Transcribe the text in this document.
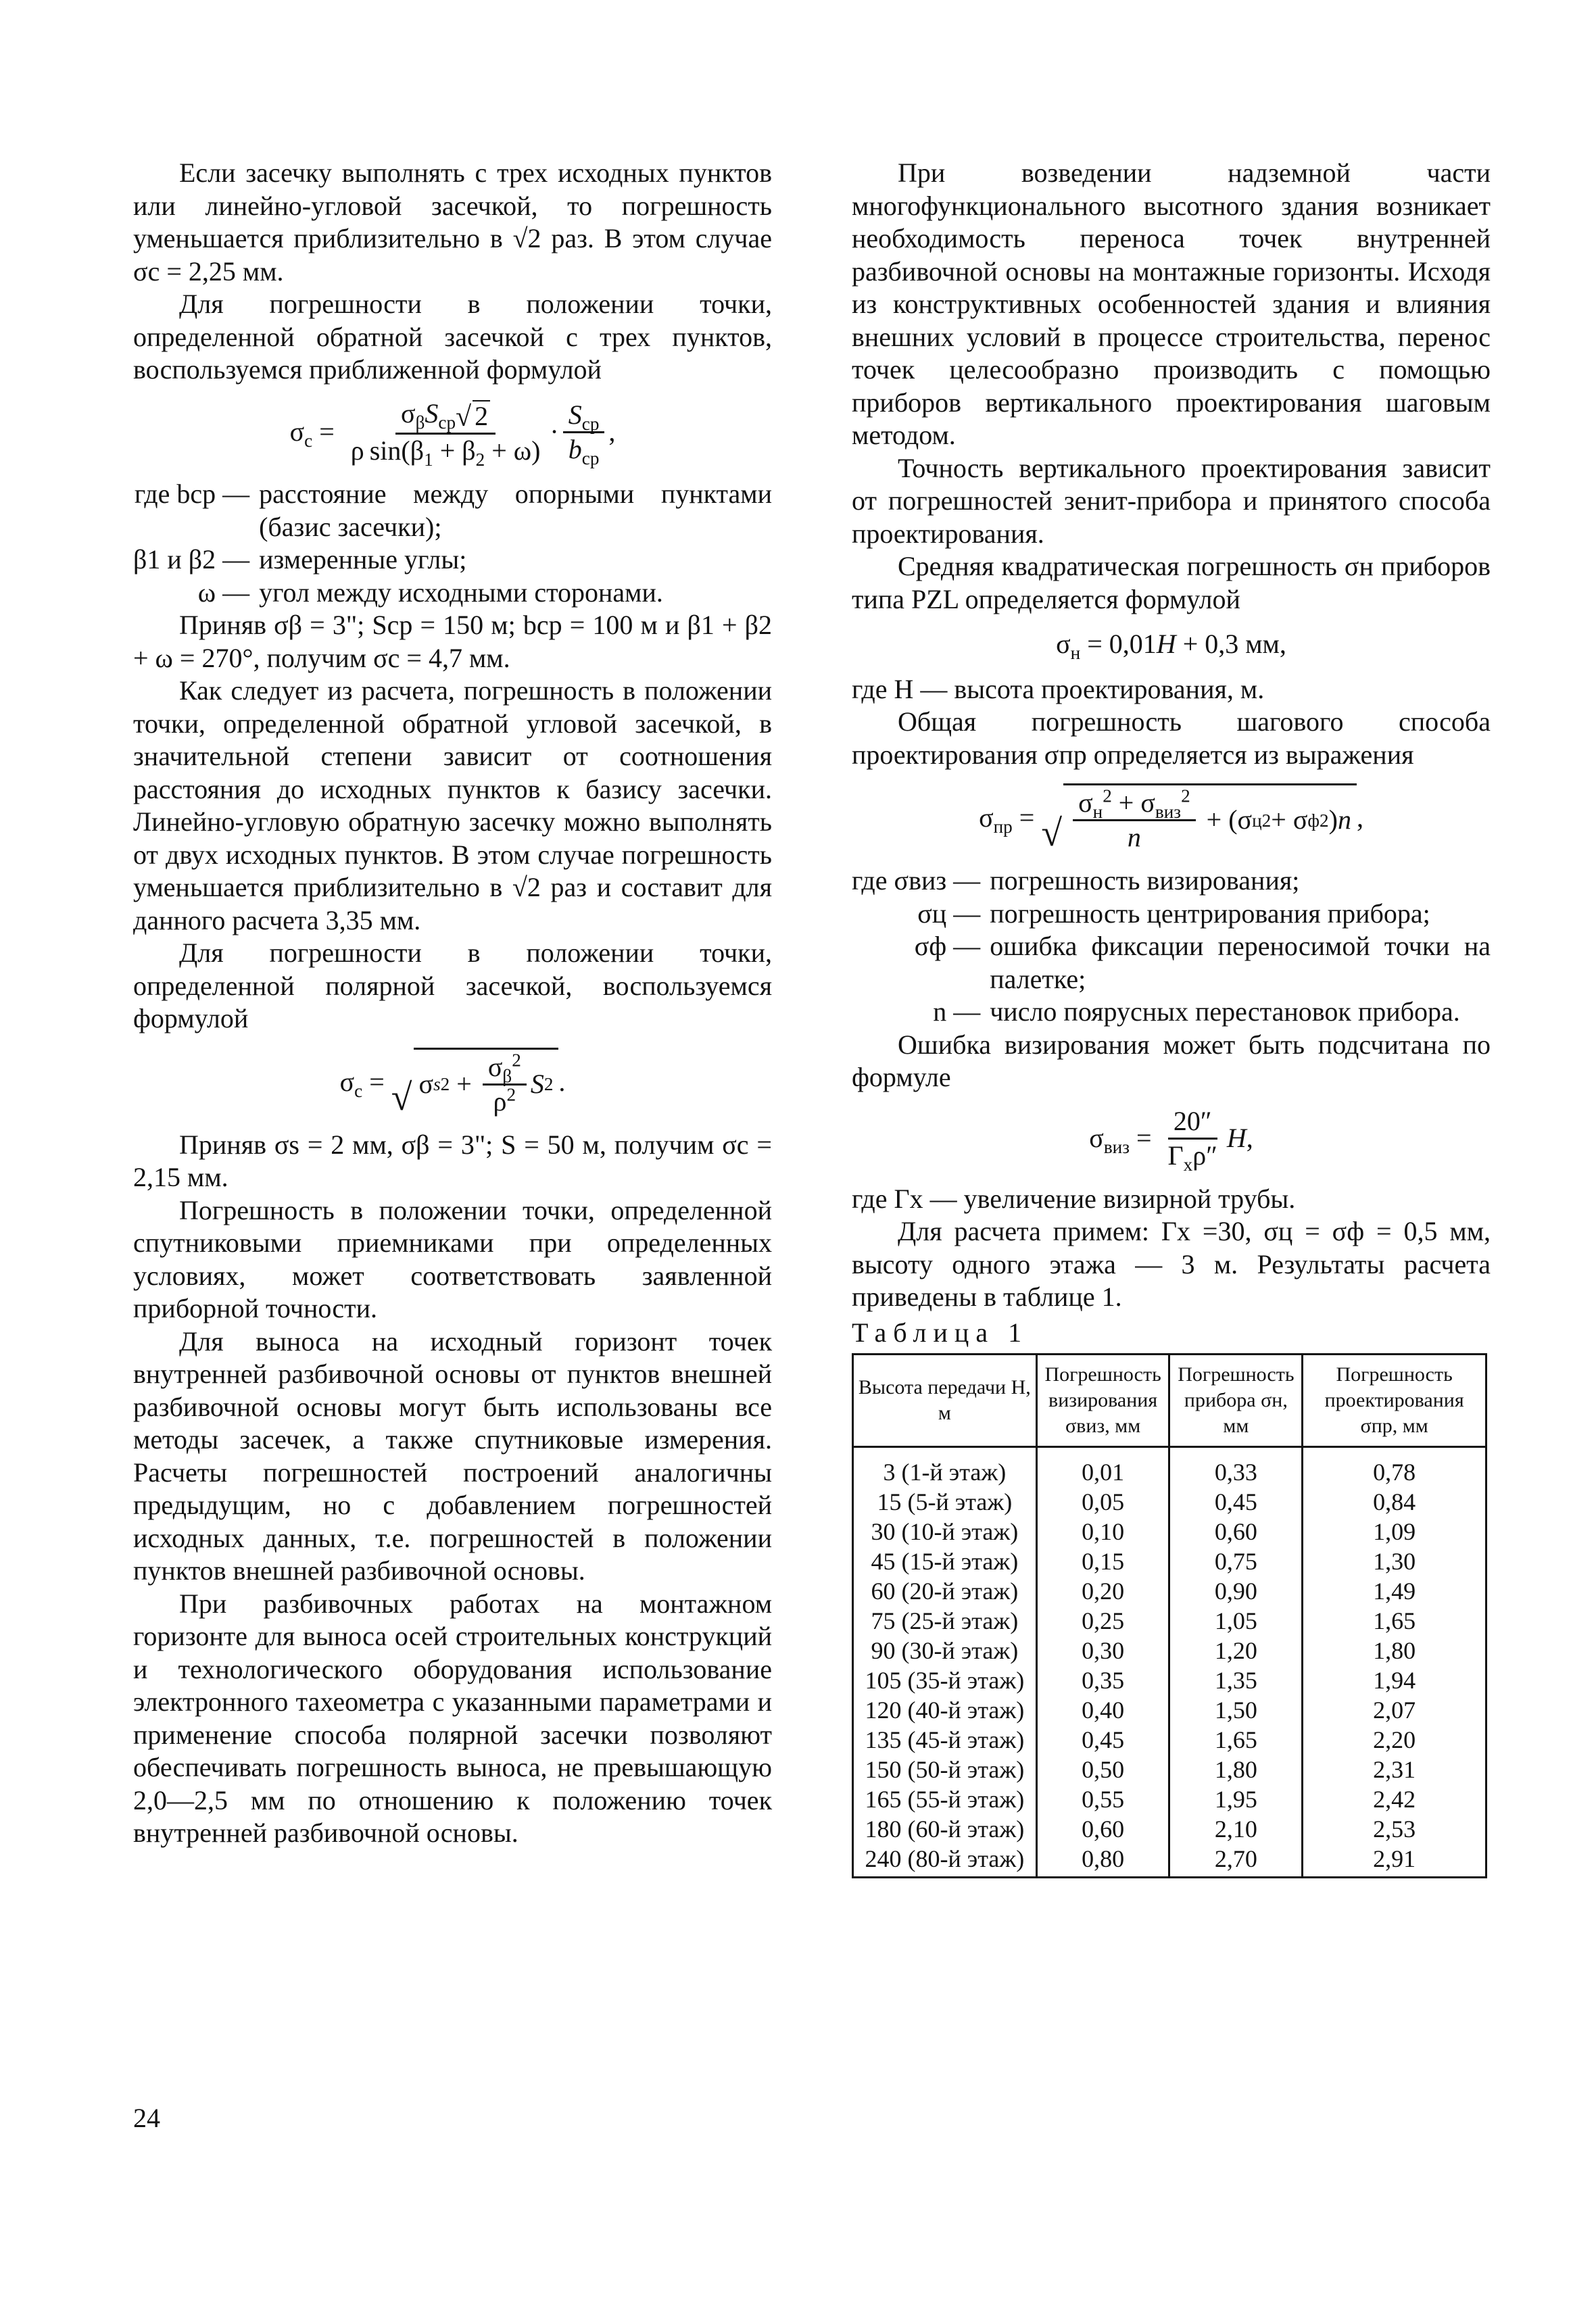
Если засечку выполнять с трех исходных пунктов или линейно-угловой засечкой, то погрешность уменьшается приблизительно в √2 раз. В этом случае σc = 2,25 мм.

Для погрешности в положении точки, определенной обратной засечкой с трех пунктов, воспользуемся приближенной формулой

$\sigma_c = \frac{\sigma_\beta S_{ср} √ 2}{\rho \sin(\beta_1 + \beta_2 + \omega)} \cdot \frac{S_{ср}}{b_{ср}}$ ,
где bср — расстояние между опорными пунктами (базис засечки);
β1 и β2 — измеренные углы;
ω — угол между исходными сторонами.

Приняв σβ = 3"; Sср = 150 м; bср = 100 м и β1 + β2 + ω = 270°, получим σc = 4,7 мм.

Как следует из расчета, погрешность в положении точки, определенной обратной угловой засечкой, в значительной степени зависит от соотношения расстояния до исходных пунктов к базису засечки. Линейно-угловую обратную засечку можно выполнять от двух исходных пунктов. В этом случае погрешность уменьшается приблизительно в √2 раз и составит для данного расчета 3,35 мм.

Для погрешности в положении точки, определенной полярной засечкой, воспользуемся формулой

$\sigma_c$ = √ σ s $2 + \frac{\sigma_\beta^2}{\rho^2}$ S 2 .

Приняв σs = 2 мм, σβ = 3"; S = 50 м, получим σc = 2,15 мм.

Погрешность в положении точки, определенной спутниковыми приемниками при определенных условиях, может соответствовать заявленной приборной точности.

Для выноса на исходный горизонт точек внутренней разбивочной основы от пунктов внешней разбивочной основы могут быть использованы все методы засечек, а также спутниковые измерения. Расчеты погрешностей построений аналогичны предыдущим, но с добавлением погрешностей исходных данных, т.е. погрешностей в положении пунктов внешней разбивочной основы.

При разбивочных работах на монтажном горизонте для выноса осей строительных конструкций и технологического оборудования использование электронного тахеометра с указанными параметрами и применение способа полярной засечки позволяют обеспечивать погрешность выноса, не превышающую 2,0—2,5 мм по отношению к положению точек внутренней разбивочной основы.

При возведении надземной части многофункционального высотного здания возникает необходимость переноса точек внутренней разбивочной основы на монтажные горизонты. Исходя из конструктивных особенностей здания и влияния внешних условий в процессе строительства, перенос точек целесообразно производить с помощью приборов вертикального проектирования шаговым методом.

Точность вертикального проектирования зависит от погрешностей зенит-прибора и принятого способа проектирования.

Средняя квадратическая погрешность σн приборов типа PZL определяется формулой

$\sigma_н = 0,01H + 0,3$ мм,

где H — высота проектирования, м.

Общая погрешность шагового способа проектирования σпр определяется из выражения

$\sigma_{пр}$ = √ $\frac{\sigma_н^2 + \sigma_{виз}^2}{n} + (\sigma$ ц 2 + σ ф 2 ) n ,
где σвиз — погрешность визирования;
σц — погрешность центрирования прибора;
σф — ошибка фиксации переносимой точки на палетке;
n — число поярусных перестановок прибора.

Ошибка визирования может быть подсчитана по формуле

$\sigma_{виз} = \frac{20''}{Г_x\rho''}$ H ,

где Гx — увеличение визирной трубы.

Для расчета примем: Гx =30, σц = σф = 0,5 мм, высоту одного этажа — 3 м. Результаты расчета приведены в таблице 1.

Таблица 1
Высота передачи H, м	Погрешность визирования σвиз, мм	Погрешность прибора σн, мм	Погрешность проектирования σпр, мм
3 (1-й этаж)	0,01	0,33	0,78
15 (5-й этаж)	0,05	0,45	0,84
30 (10-й этаж)	0,10	0,60	1,09
45 (15-й этаж)	0,15	0,75	1,30
60 (20-й этаж)	0,20	0,90	1,49
75 (25-й этаж)	0,25	1,05	1,65
90 (30-й этаж)	0,30	1,20	1,80
105 (35-й этаж)	0,35	1,35	1,94
120 (40-й этаж)	0,40	1,50	2,07
135 (45-й этаж)	0,45	1,65	2,20
150 (50-й этаж)	0,50	1,80	2,31
165 (55-й этаж)	0,55	1,95	2,42
180 (60-й этаж)	0,60	2,10	2,53
240 (80-й этаж)	0,80	2,70	2,91
24
